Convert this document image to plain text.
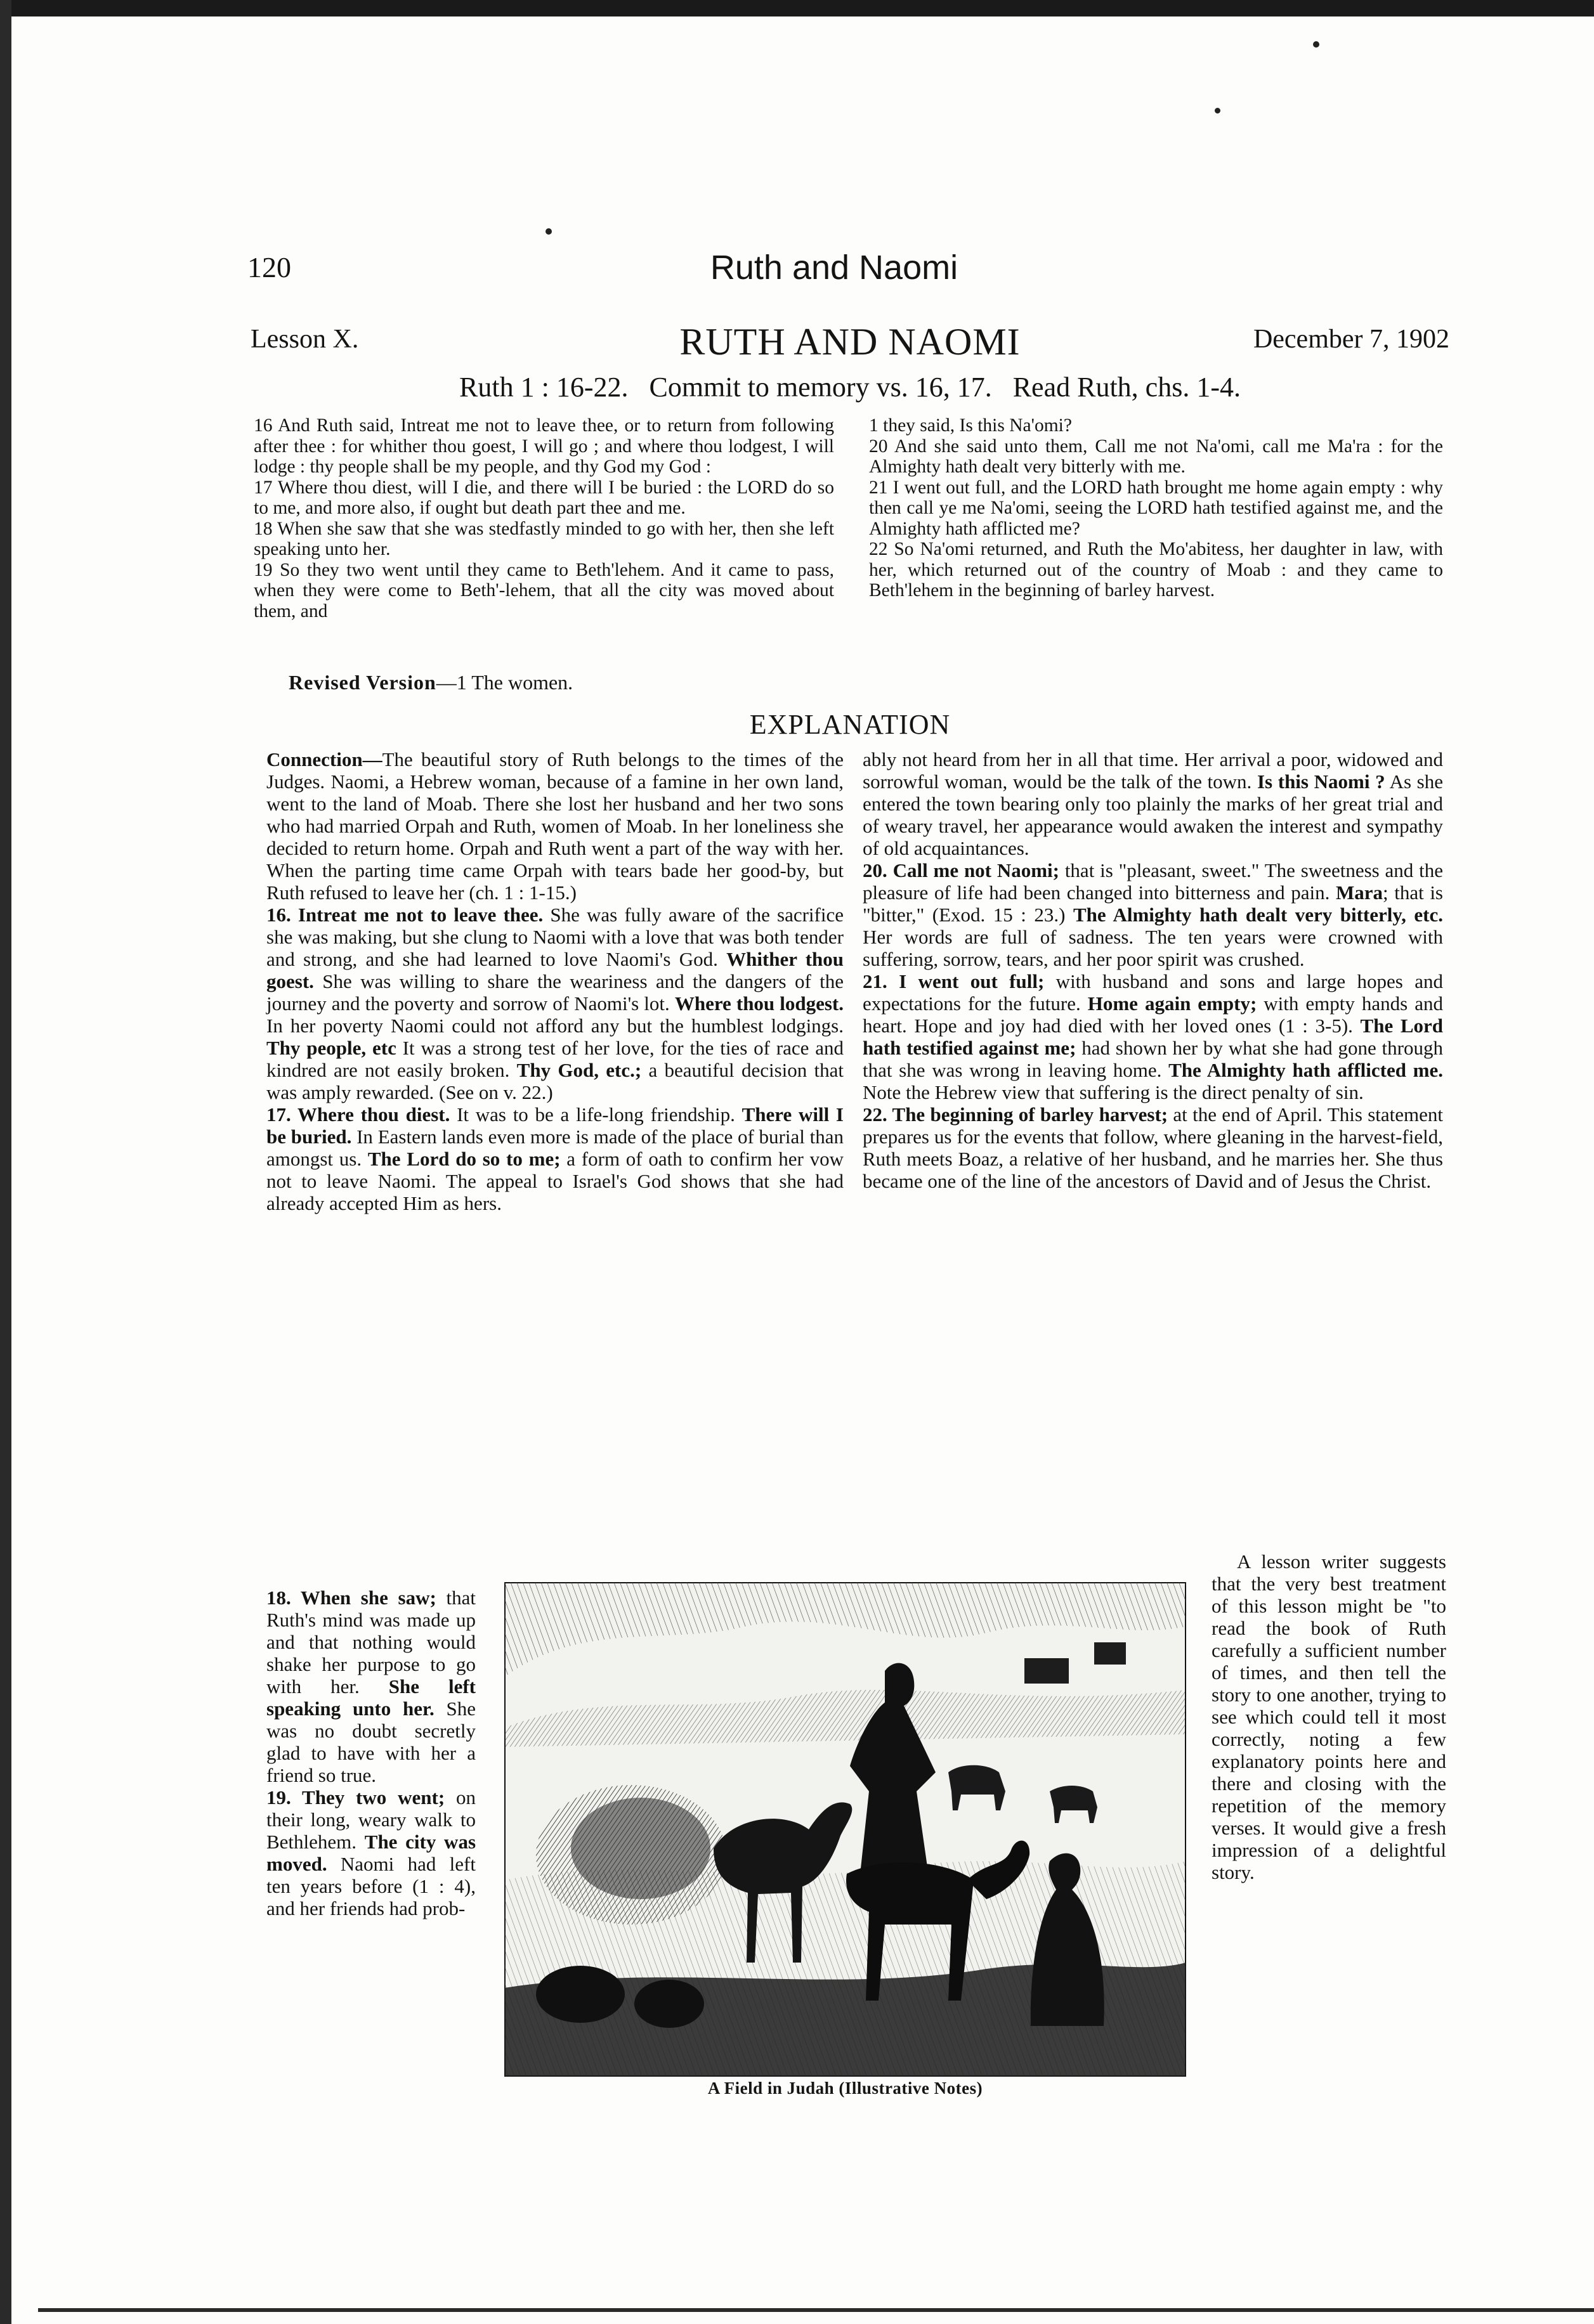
120	Ruth and Naomi
Lesson X.	RUTH AND NAOMI	December 7, 1902
Ruth 1 : 16-22.   Commit to memory vs. 16, 17.   Read Ruth, chs. 1-4.

16 And Ruth said, Intreat me not to leave thee, or to return from following after thee : for whither thou goest, I will go ; and where thou lodgest, I will lodge : thy people shall be my people, and thy God my God :

17 Where thou diest, will I die, and there will I be buried : the LORD do so to me, and more also, if ought but death part thee and me.

18 When she saw that she was stedfastly minded to go with her, then she left speaking unto her.

19 So they two went until they came to Beth'lehem. And it came to pass, when they were come to Beth'-lehem, that all the city was moved about them, and

1 they said, Is this Na'omi?

20 And she said unto them, Call me not Na'omi, call me Ma'ra : for the Almighty hath dealt very bitterly with me.

21 I went out full, and the LORD hath brought me home again empty : why then call ye me Na'omi, seeing the LORD hath testified against me, and the Almighty hath afflicted me?

22 So Na'omi returned, and Ruth the Mo'abitess, her daughter in law, with her, which returned out of the country of Moab : and they came to Beth'lehem in the beginning of barley harvest.

Revised Version—1 The women.
EXPLANATION

Connection—The beautiful story of Ruth belongs to the times of the Judges. Naomi, a Hebrew woman, because of a famine in her own land, went to the land of Moab. There she lost her husband and her two sons who had married Orpah and Ruth, women of Moab. In her loneliness she decided to return home. Orpah and Ruth went a part of the way with her. When the parting time came Orpah with tears bade her good-by, but Ruth refused to leave her (ch. 1 : 1-15.)

16. Intreat me not to leave thee. She was fully aware of the sacrifice she was making, but she clung to Naomi with a love that was both tender and strong, and she had learned to love Naomi's God. Whither thou goest. She was willing to share the weariness and the dangers of the journey and the poverty and sorrow of Naomi's lot. Where thou lodgest. In her poverty Naomi could not afford any but the humblest lodgings. Thy people, etc It was a strong test of her love, for the ties of race and kindred are not easily broken. Thy God, etc.; a beautiful decision that was amply rewarded. (See on v. 22.)

17. Where thou diest. It was to be a life-long friendship. There will I be buried. In Eastern lands even more is made of the place of burial than amongst us. The Lord do so to me; a form of oath to confirm her vow not to leave Naomi. The appeal to Israel's God shows that she had already accepted Him as hers.

ably not heard from her in all that time. Her arrival a poor, widowed and sorrowful woman, would be the talk of the town. Is this Naomi ? As she entered the town bearing only too plainly the marks of her great trial and of weary travel, her appearance would awaken the interest and sympathy of old acquaintances.

20. Call me not Naomi; that is "pleasant, sweet." The sweetness and the pleasure of life had been changed into bitterness and pain. Mara; that is "bitter," (Exod. 15 : 23.) The Almighty hath dealt very bitterly, etc. Her words are full of sadness. The ten years were crowned with suffering, sorrow, tears, and her poor spirit was crushed.

21. I went out full; with husband and sons and large hopes and expectations for the future. Home again empty; with empty hands and heart. Hope and joy had died with her loved ones (1 : 3-5). The Lord hath testified against me; had shown her by what she had gone through that she was wrong in leaving home. The Almighty hath afflicted me. Note the Hebrew view that suffering is the direct penalty of sin.

22. The beginning of barley harvest; at the end of April. This statement prepares us for the events that follow, where gleaning in the harvest-field, Ruth meets Boaz, a relative of her husband, and he marries her. She thus became one of the line of the ancestors of David and of Jesus the Christ.

18. When she saw; that Ruth's mind was made up and that nothing would shake her purpose to go with her. She left speaking unto her. She was no doubt secretly glad to have with her a friend so true.

19. They two went; on their long, weary walk to Bethlehem. The city was moved. Naomi had left ten years before (1 : 4), and her friends had prob-

A lesson writer suggests that the very best treatment of this lesson might be "to read the book of Ruth carefully a sufficient number of times, and then tell the story to one another, trying to see which could tell it most correctly, noting a few explanatory points here and there and closing with the repetition of the memory verses. It would give a fresh impression of a delightful story.
A Field in Judah (Illustrative Notes)
